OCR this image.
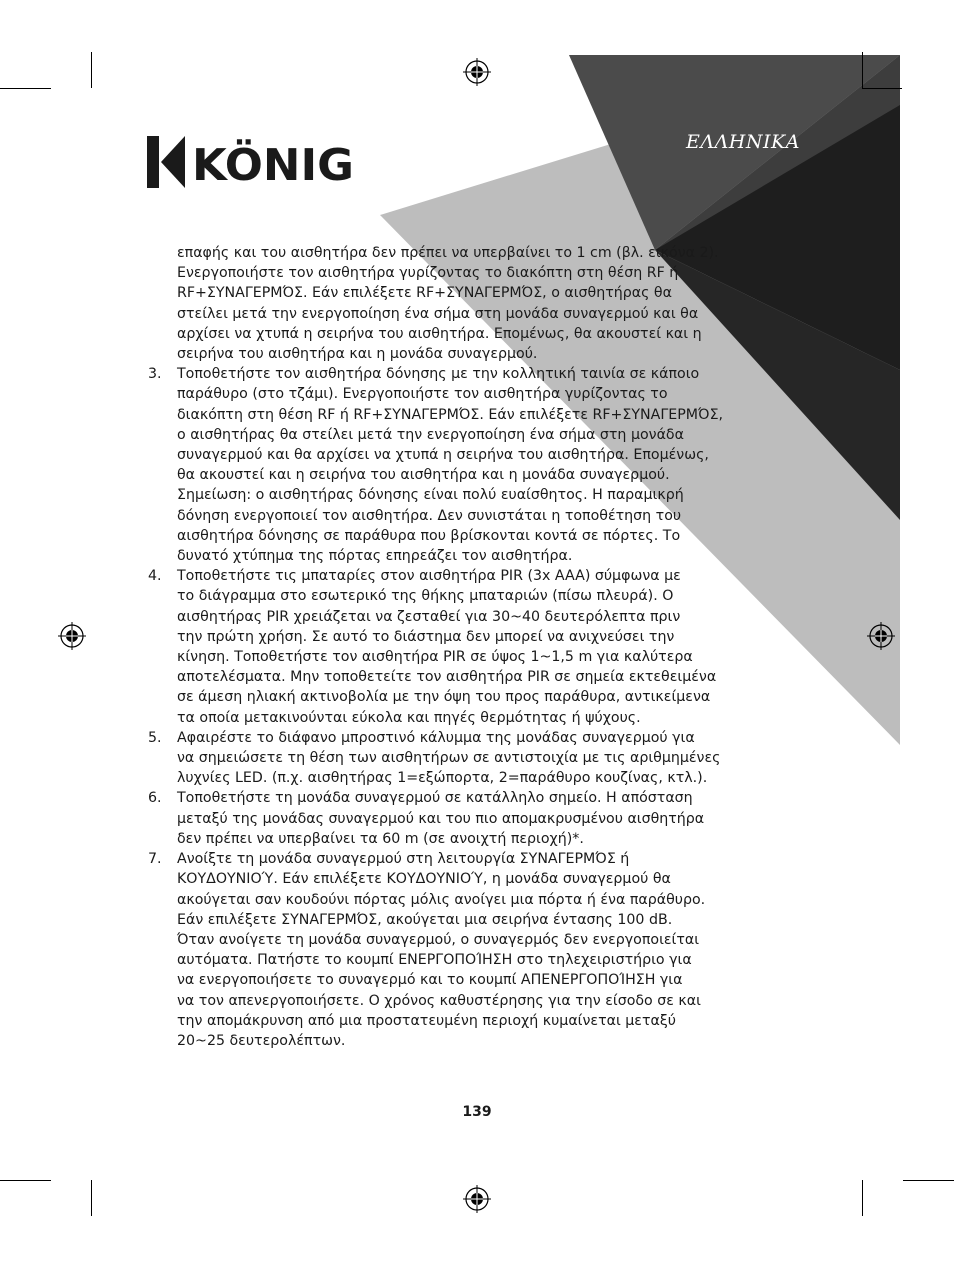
KÖNIG	ΕΛΛΗΝΙΚΑ
επαφής και του αισθητήρα δεν πρέπει να υπερβαίνει το 1 cm (βλ. εικόνα 2).
Ενεργοποιήστε τον αισθητήρα γυρίζοντας το διακόπτη στη θέση RF ή
RF+ΣΥΝΑΓΕΡΜΌΣ. Εάν επιλέξετε RF+ΣΥΝΑΓΕΡΜΌΣ, ο αισθητήρας θα
στείλει μετά την ενεργοποίηση ένα σήμα στη μονάδα συναγερμού και θα
αρχίσει να χτυπά η σειρήνα του αισθητήρα. Επομένως, θα ακουστεί και η
σειρήνα του αισθητήρα και η μονάδα συναγερμού.
3. Τοποθετήστε τον αισθητήρα δόνησης με την κολλητική ταινία σε κάποιο
παράθυρο (στο τζάμι). Ενεργοποιήστε τον αισθητήρα γυρίζοντας το
διακόπτη στη θέση RF ή RF+ΣΥΝΑΓΕΡΜΌΣ. Εάν επιλέξετε RF+ΣΥΝΑΓΕΡΜΌΣ,
ο αισθητήρας θα στείλει μετά την ενεργοποίηση ένα σήμα στη μονάδα
συναγερμού και θα αρχίσει να χτυπά η σειρήνα του αισθητήρα. Επομένως,
θα ακουστεί και η σειρήνα του αισθητήρα και η μονάδα συναγερμού.
Σημείωση: ο αισθητήρας δόνησης είναι πολύ ευαίσθητος. Η παραμικρή
δόνηση ενεργοποιεί τον αισθητήρα. Δεν συνιστάται η τοποθέτηση του
αισθητήρα δόνησης σε παράθυρα που βρίσκονται κοντά σε πόρτες. Το
δυνατό χτύπημα της πόρτας επηρεάζει τον αισθητήρα.
4. Τοποθετήστε τις μπαταρίες στον αισθητήρα PIR (3x AAA) σύμφωνα με
το διάγραμμα στο εσωτερικό της θήκης μπαταριών (πίσω πλευρά). Ο
αισθητήρας PIR χρειάζεται να ζεσταθεί για 30~40 δευτερόλεπτα πριν
την πρώτη χρήση. Σε αυτό το διάστημα δεν μπορεί να ανιχνεύσει την
κίνηση. Τοποθετήστε τον αισθητήρα PIR σε ύψος 1~1,5 m για καλύτερα
αποτελέσματα. Μην τοποθετείτε τον αισθητήρα PIR σε σημεία εκτεθειμένα
σε άμεση ηλιακή ακτινοβολία με την όψη του προς παράθυρα, αντικείμενα
τα οποία μετακινούνται εύκολα και πηγές θερμότητας ή ψύχους.
5. Αφαιρέστε το διάφανο μπροστινό κάλυμμα της μονάδας συναγερμού για
να σημειώσετε τη θέση των αισθητήρων σε αντιστοιχία με τις αριθμημένες
λυχνίες LED. (π.χ. αισθητήρας 1=εξώπορτα, 2=παράθυρο κουζίνας, κτλ.).
6. Τοποθετήστε τη μονάδα συναγερμού σε κατάλληλο σημείο. Η απόσταση
μεταξύ της μονάδας συναγερμού και του πιο απομακρυσμένου αισθητήρα
δεν πρέπει να υπερβαίνει τα 60 m (σε ανοιχτή περιοχή)*.
7. Ανοίξτε τη μονάδα συναγερμού στη λειτουργία ΣΥΝΑΓΕΡΜΌΣ ή
ΚΟΥΔΟΥΝΙΟΎ. Εάν επιλέξετε ΚΟΥΔΟΥΝΙΟΎ, η μονάδα συναγερμού θα
ακούγεται σαν κουδούνι πόρτας μόλις ανοίγει μια πόρτα ή ένα παράθυρο.
Εάν επιλέξετε ΣΥΝΑΓΕΡΜΌΣ, ακούγεται μια σειρήνα έντασης 100 dB.
Όταν ανοίγετε τη μονάδα συναγερμού, ο συναγερμός δεν ενεργοποιείται
αυτόματα. Πατήστε το κουμπί ΕΝΕΡΓΟΠΟΊΗΣΗ στο τηλεχειριστήριο για
να ενεργοποιήσετε το συναγερμό και το κουμπί ΑΠΕΝΕΡΓΟΠΟΊΗΣΗ για
να τον απενεργοποιήσετε. Ο χρόνος καθυστέρησης για την είσοδο σε και
την απομάκρυνση από μια προστατευμένη περιοχή κυμαίνεται μεταξύ
20~25 δευτερολέπτων.
139
